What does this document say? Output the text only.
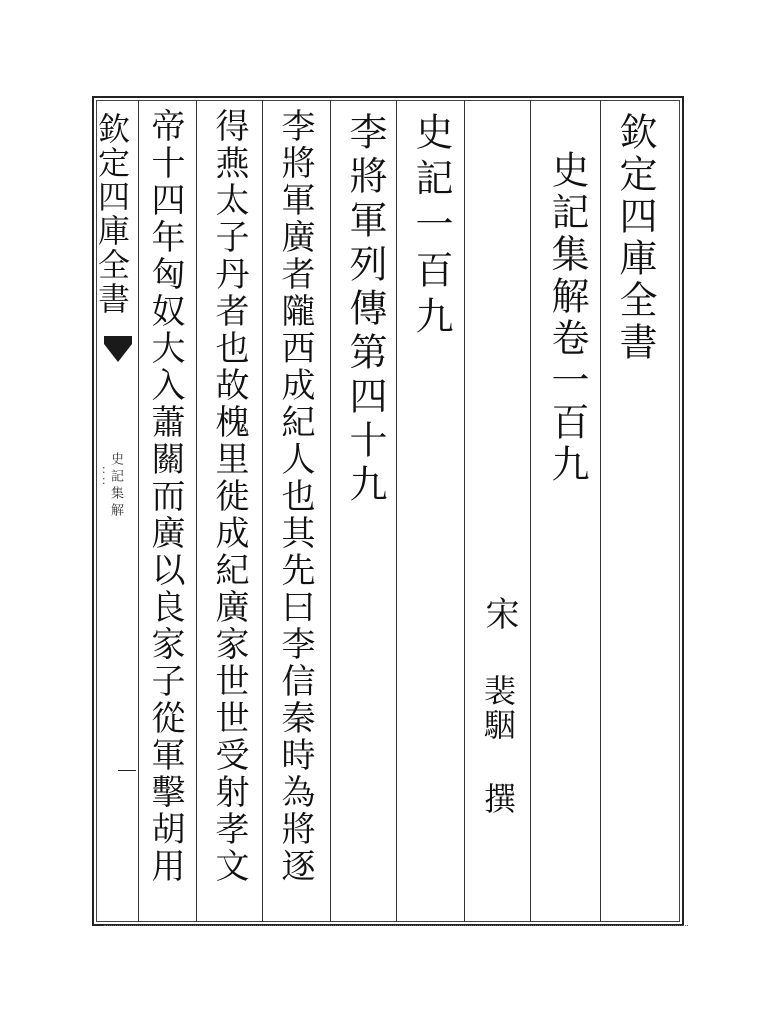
欽定四庫全書
史記集解
：：
欽定四庫全書
史記集解卷一百九
宋
裴駰
撰
史記一百九
李將軍列傳第四十九
李將軍廣者隴西成紀人也其先曰李信秦時為將逐
得燕太子丹者也故槐里徙成紀廣家世世受射孝文
帝十四年匈奴大入蕭關而廣以良家子從軍擊胡用
